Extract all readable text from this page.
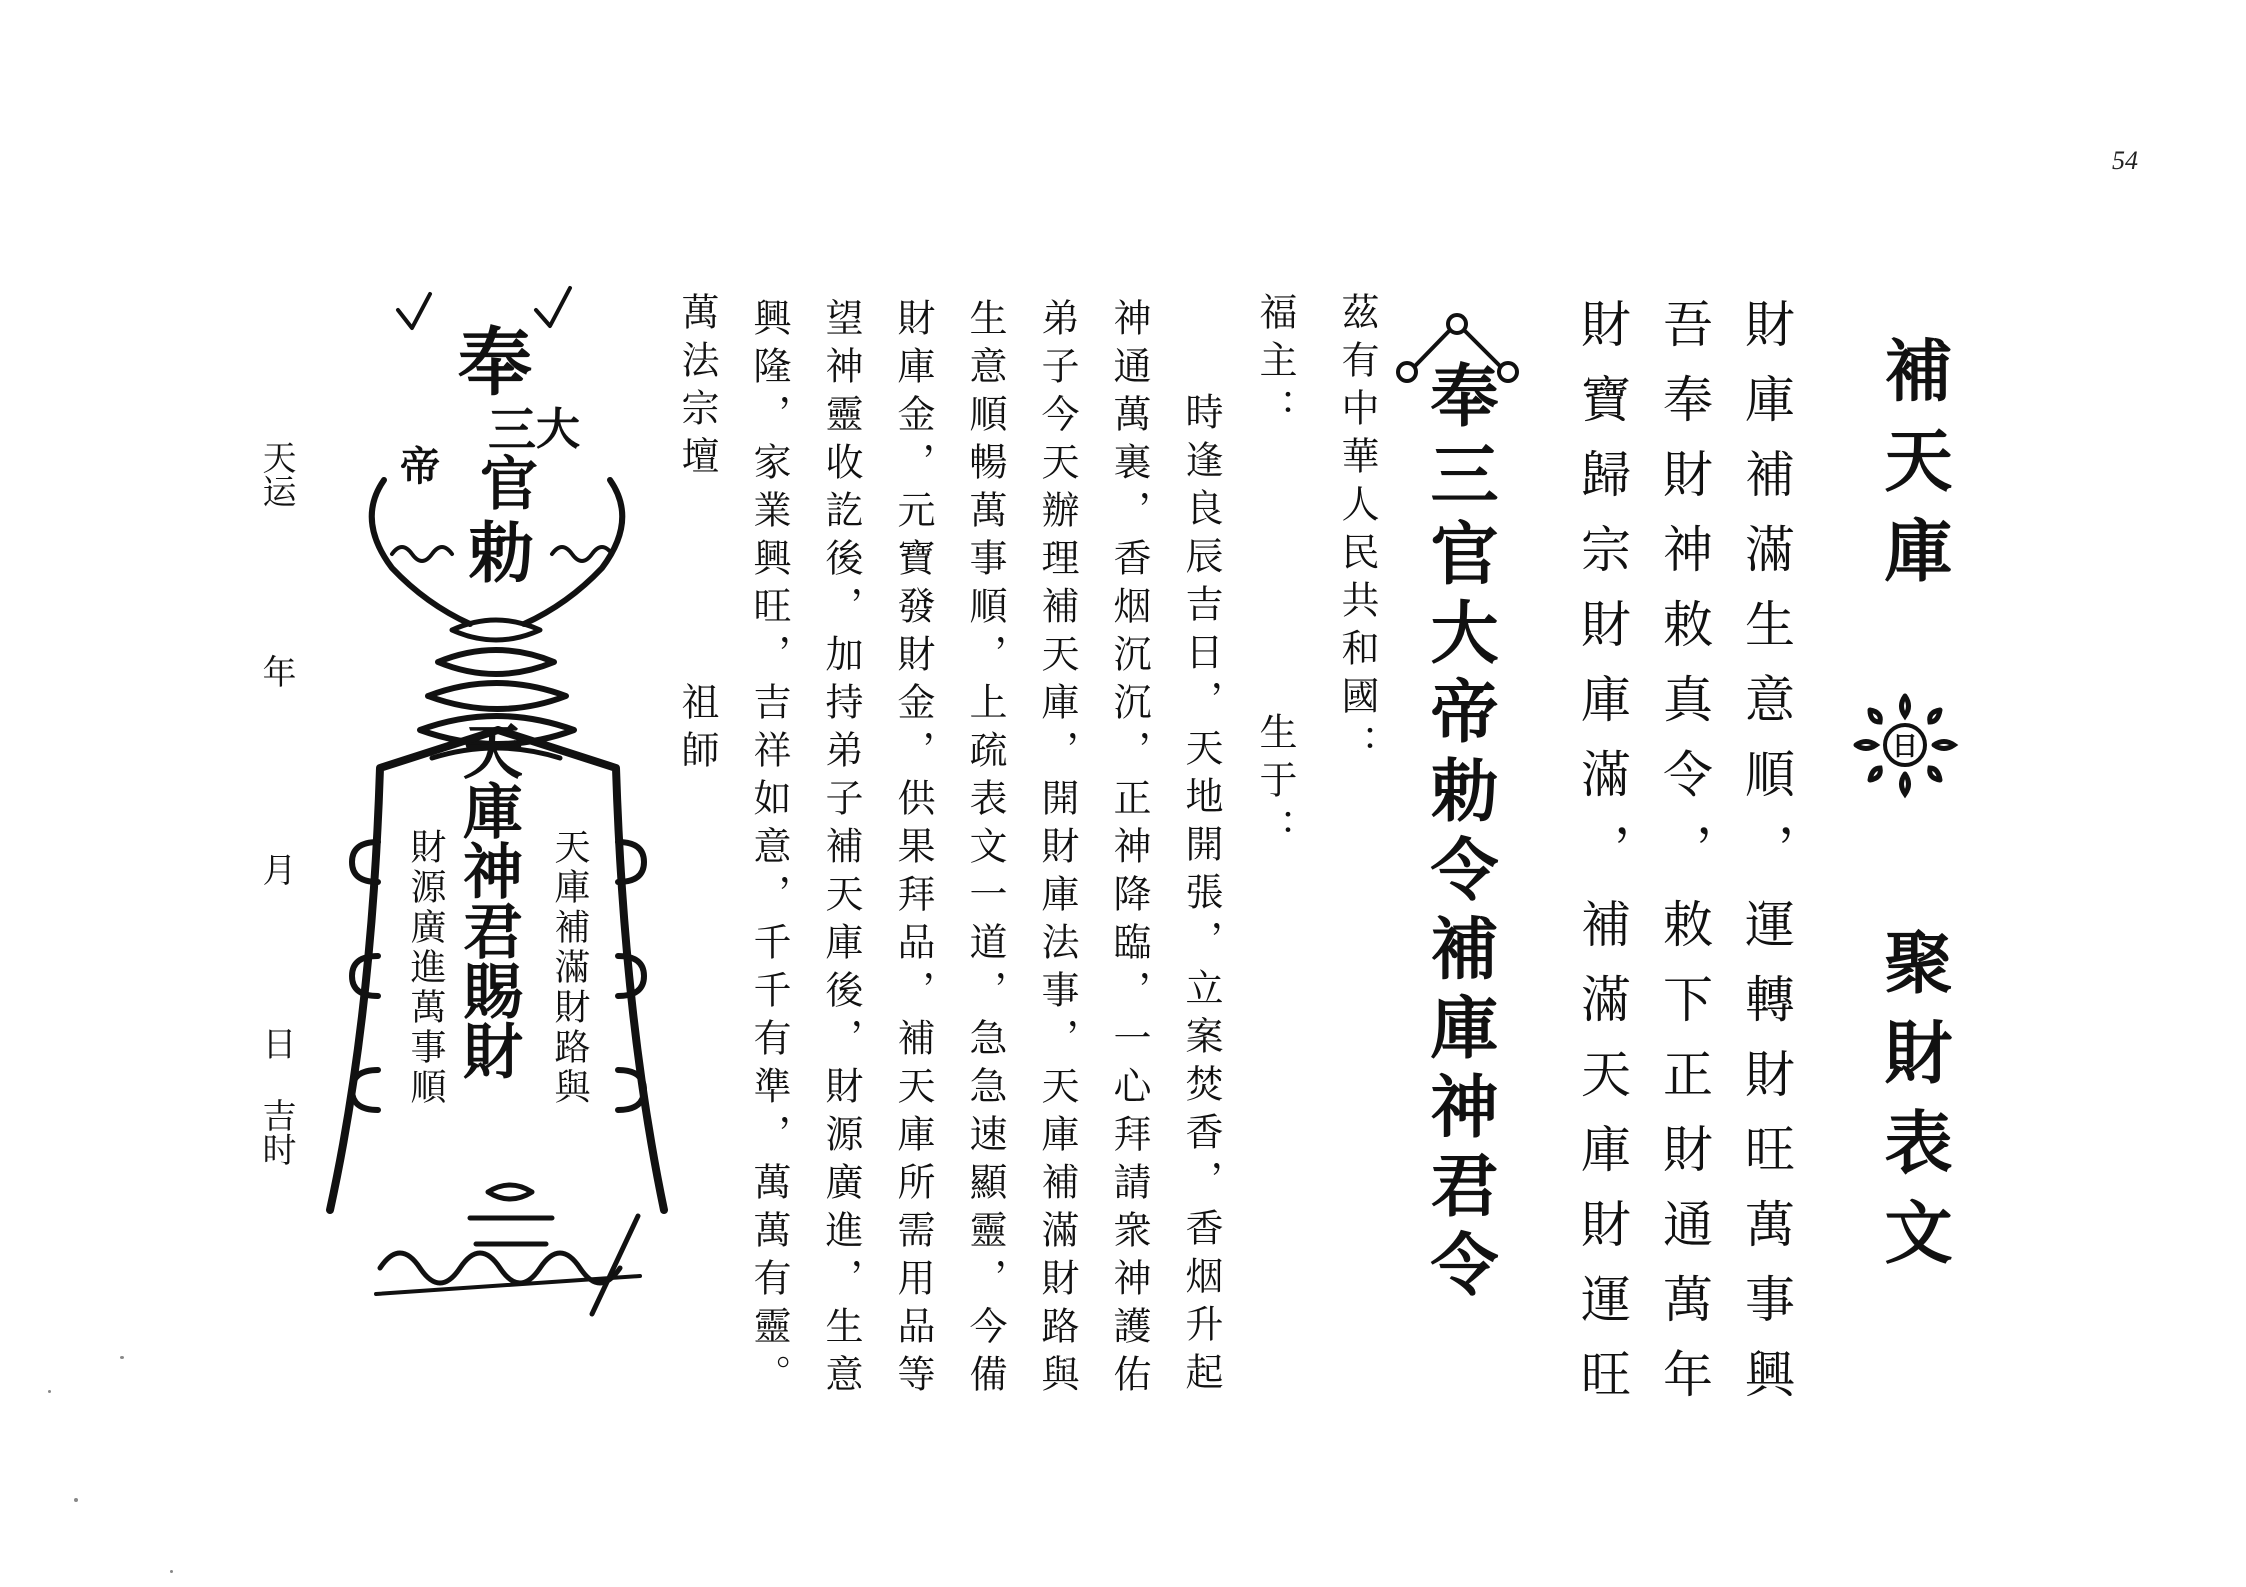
54
補天庫  聚財表文
日
財庫補滿生意順，運轉財旺萬事興
吾奉財神敕真令，敕下正財通萬年
財寶歸宗財庫滿，補滿天庫財運旺
奉三官大帝勅令補庫神君令
茲有中華人民共和國：
福主：  生于：
時逢良辰吉日，天地開張，立案焚香，香烟升起
神通萬裏，香烟沉沉，正神降臨，一心拜請衆神護佑
弟子今天辦理補天庫，開財庫法事，天庫補滿財路與
生意順暢萬事順，上疏表文一道，急急速顯靈，今備
財庫金，元寶發財金，供果拜品，補天庫所需用品等
望神靈收訖後，加持弟子補天庫後，財源廣進，生意
興隆，家業興旺，吉祥如意，千千有準，萬萬有靈。
萬法宗壇  祖師
奉
三
官
大
帝
勅
天庫神君賜財 天庫補滿財路與
財源廣進萬事順
天运
年
月
日
吉时
